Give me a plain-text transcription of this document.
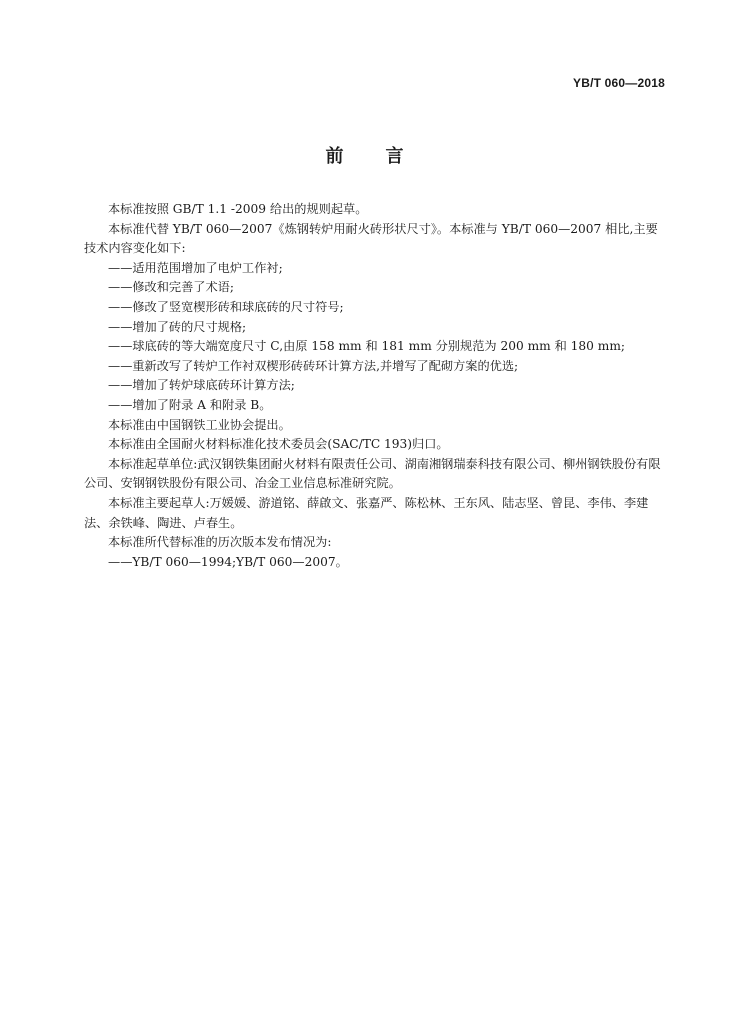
YB/T 060—2018
前 言

本标准按照 GB/T 1.1 -2009 给出的规则起草。

本标准代替 YB/T 060—2007《炼钢转炉用耐火砖形状尺寸》。本标准与 YB/T 060—2007 相比,主要技术内容变化如下:

——适用范围增加了电炉工作衬;

——修改和完善了术语;

——修改了竖宽楔形砖和球底砖的尺寸符号;

——增加了砖的尺寸规格;

——球底砖的等大端宽度尺寸 C,由原 158 mm 和 181 mm 分别规范为 200 mm 和 180 mm;

——重新改写了转炉工作衬双楔形砖砖环计算方法,并增写了配砌方案的优选;

——增加了转炉球底砖环计算方法;

——增加了附录 A 和附录 B。

本标准由中国钢铁工业协会提出。

本标准由全国耐火材料标准化技术委员会(SAC/TC 193)归口。

本标准起草单位:武汉钢铁集团耐火材料有限责任公司、湖南湘钢瑞泰科技有限公司、柳州钢铁股份有限公司、安钢钢铁股份有限公司、冶金工业信息标准研究院。

本标准主要起草人:万媛媛、游道铭、薛啟文、张嘉严、陈松林、王东风、陆志坚、曾昆、李伟、李建法、余铁峰、陶进、卢春生。

本标准所代替标准的历次版本发布情况为:

——YB/T 060—1994;YB/T 060—2007。
